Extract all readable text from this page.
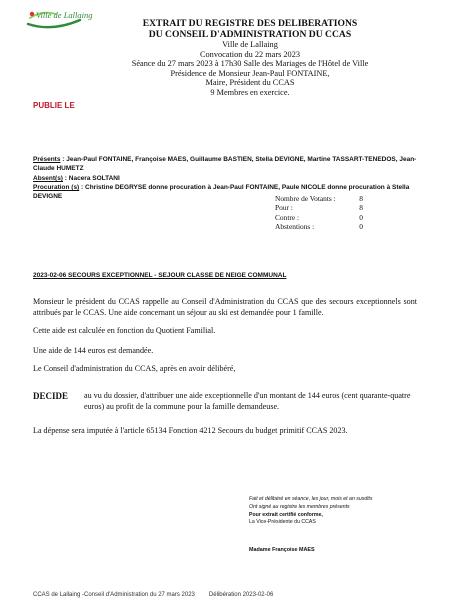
Ville de Lallaing
EXTRAIT DU REGISTRE DES DELIBERATIONS
DU CONSEIL D'ADMINISTRATION DU CCAS
Ville de Lallaing
Convocation du 22 mars 2023
Séance du 27 mars 2023 à 17h30 Salle des Mariages de l'Hôtel de Ville
Présidence de Monsieur Jean-Paul FONTAINE,
Maire, Président du CCAS
9 Membres en exercice.
PUBLIE LE
Présents : Jean-Paul FONTAINE, Françoise MAES, Guillaume BASTIEN, Stella DEVIGNE, Martine TASSART-TENEDOS, Jean-Claude HUMETZ
Absent(s) : Nacera SOLTANI
Procuration (s) : Christine DEGRYSE donne procuration à Jean-Paul FONTAINE, Paule NICOLE donne procuration à Stella DEVIGNE	Nombre de Votants :	8
Pour :	8
Contre :	0
Abstentions :	0
2023-02-06 SECOURS EXCEPTIONNEL - SEJOUR CLASSE DE NEIGE COMMUNAL
Monsieur le président du CCAS rappelle au Conseil d'Administration du CCAS que des secours exceptionnels sont attribués par le CCAS. Une aide concernant un séjour au ski est demandée pour 1 famille.
Cette aide est calculée en fonction du Quotient Familial.
Une aide de 144 euros est demandée.
Le Conseil d'administration du CCAS, après en avoir délibéré,
DECIDE au vu du dossier, d'attribuer une aide exceptionnelle d'un montant de 144 euros (cent quarante-quatre euros) au profit de la commune pour la famille demandeuse.
La dépense sera imputée à l'article 65134 Fonction 4212 Secours du budget primitif CCAS 2023.
Fait et délibéré en séance, les jour, mois et an susdits
Ont signé au registre les membres présents
Pour extrait certifié conforme,
La Vice-Présidente du CCAS
Madame Françoise MAES
CCAS de Lallaing -Conseil d'Administration du 27 mars 2023 Délibération 2023-02-06
